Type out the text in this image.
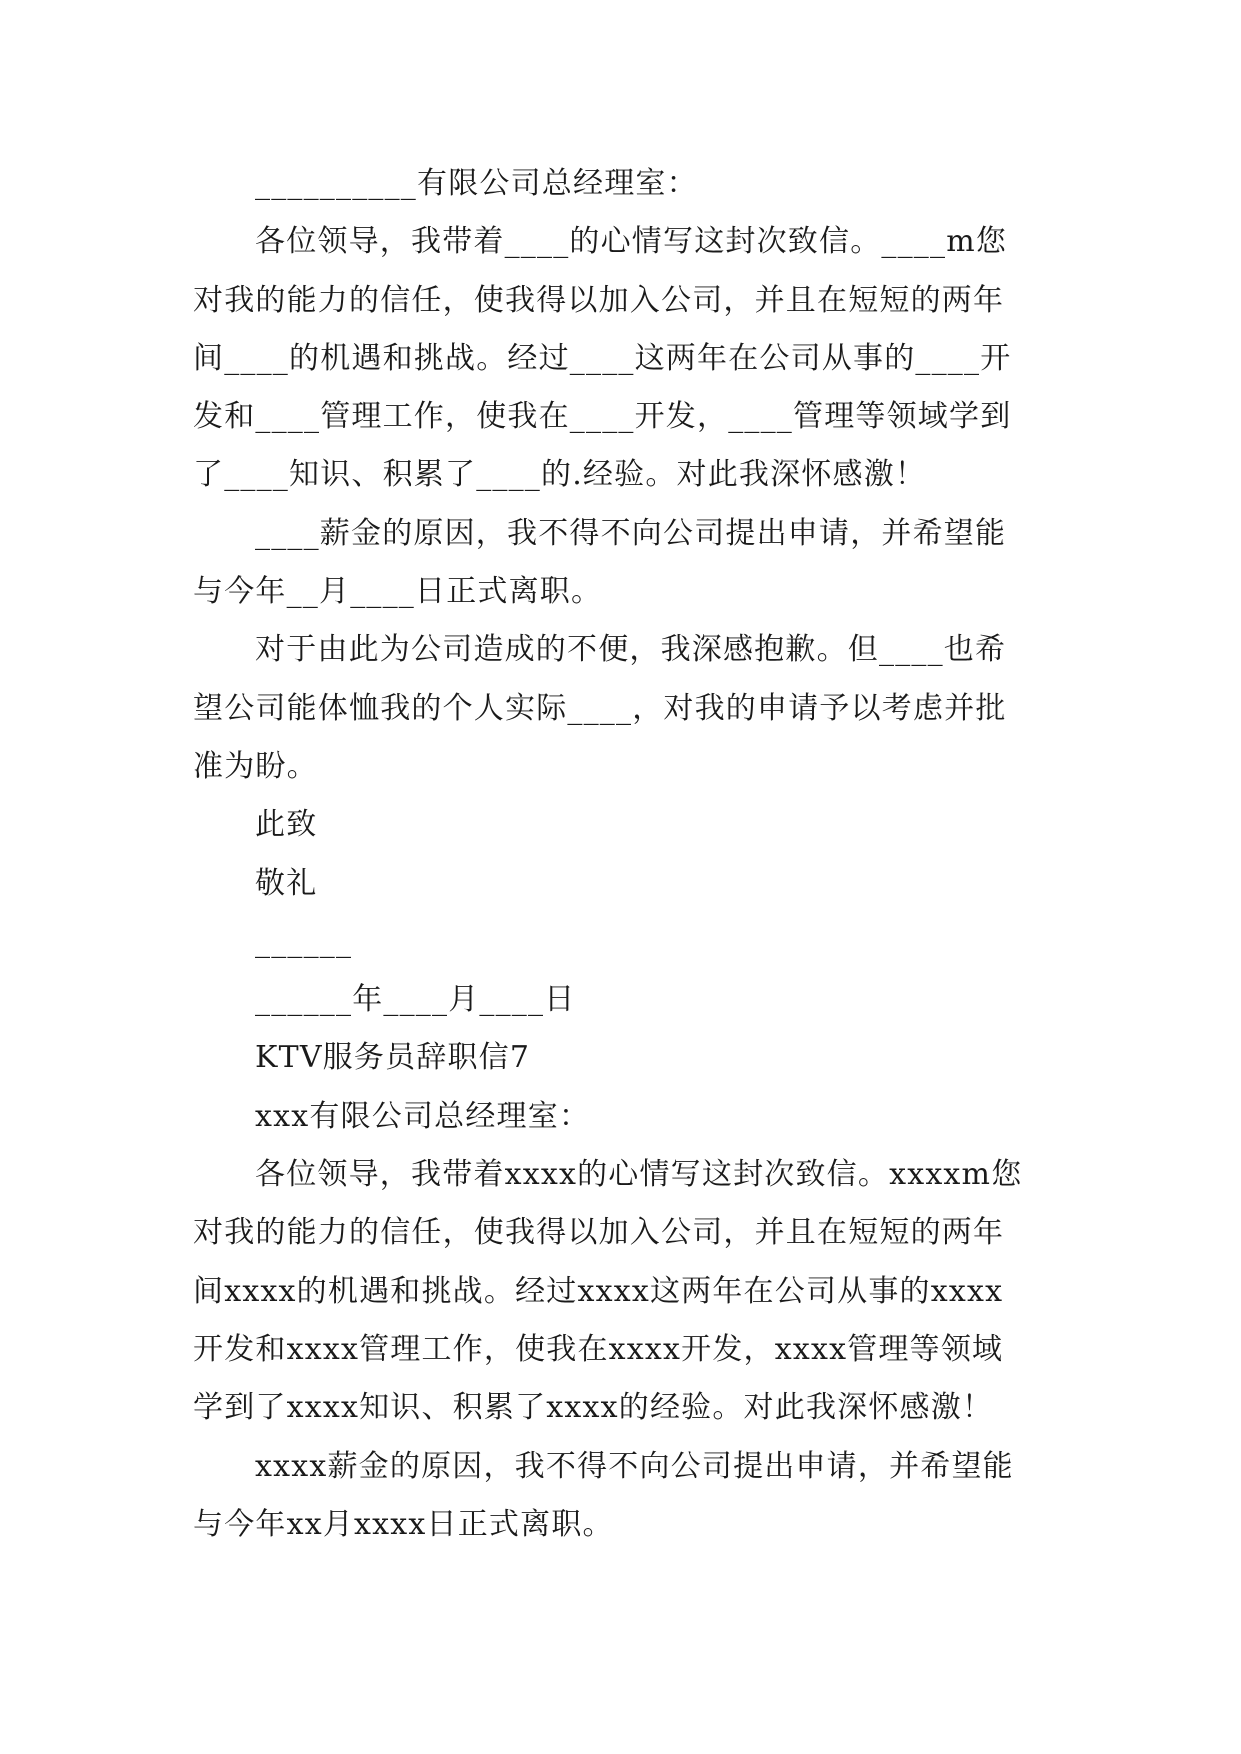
__________有限公司总经理室：
各位领导，我带着____的心情写这封次致信。____m您
对我的能力的信任，使我得以加入公司，并且在短短的两年
间____的机遇和挑战。经过____这两年在公司从事的____开
发和____管理工作，使我在____开发，____管理等领域学到
了____知识、积累了____的.经验。对此我深怀感激！
____薪金的原因，我不得不向公司提出申请，并希望能
与今年__月____日正式离职。
对于由此为公司造成的不便，我深感抱歉。但____也希
望公司能体恤我的个人实际____，对我的申请予以考虑并批
准为盼。
此致
敬礼
______
______年____月____日
KTV服务员辞职信7
xxx有限公司总经理室：
各位领导，我带着xxxx的心情写这封次致信。xxxxm您
对我的能力的信任，使我得以加入公司，并且在短短的两年
间xxxx的机遇和挑战。经过xxxx这两年在公司从事的xxxx
开发和xxxx管理工作，使我在xxxx开发，xxxx管理等领域
学到了xxxx知识、积累了xxxx的经验。对此我深怀感激！
xxxx薪金的原因，我不得不向公司提出申请，并希望能
与今年xx月xxxx日正式离职。
